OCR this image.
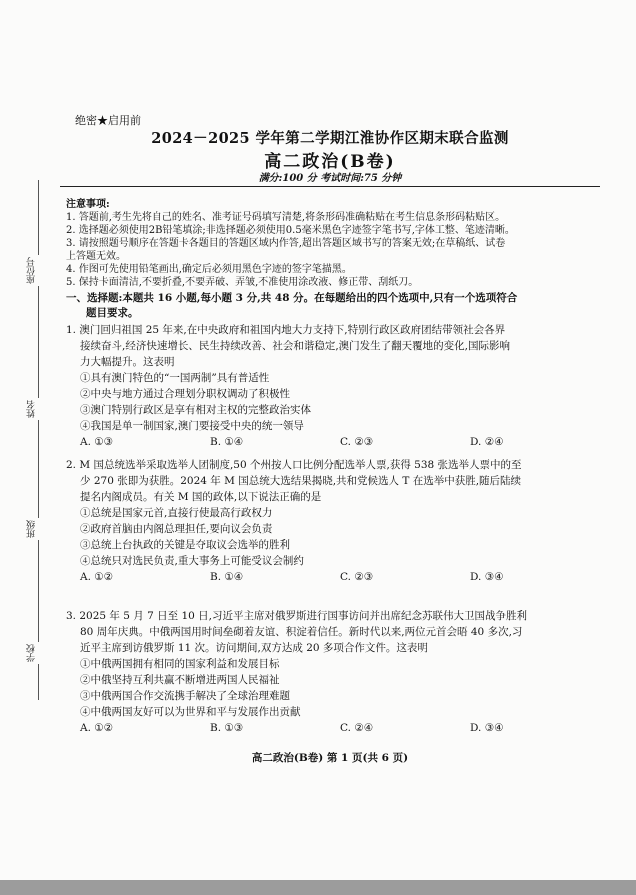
座位号
姓名
班级
学校
绝密★启用前
2024－2025 学年第二学期江淮协作区期末联合监测
高二政治(B卷)
满分:100 分 考试时间:75 分钟
注意事项:
1. 答题前,考生先将自己的姓名、准考证号码填写清楚,将条形码准确粘贴在考生信息条形码粘贴区。
2. 选择题必须使用2B铅笔填涂;非选择题必须使用0.5毫米黑色字迹签字笔书写,字体工整、笔迹清晰。
3. 请按照题号顺序在答题卡各题目的答题区域内作答,超出答题区域书写的答案无效;在草稿纸、试卷
上答题无效。
4. 作图可先使用铅笔画出,确定后必须用黑色字迹的签字笔描黑。
5. 保持卡面清洁,不要折叠,不要弄破、弄皱,不准使用涂改液、修正带、刮纸刀。
一、选择题:本题共 16 小题,每小题 3 分,共 48 分。在每题给出的四个选项中,只有一个选项符合
题目要求。
1. 澳门回归祖国 25 年来,在中央政府和祖国内地大力支持下,特别行政区政府团结带领社会各界
接续奋斗,经济快速增长、民生持续改善、社会和谐稳定,澳门发生了翻天覆地的变化,国际影响
力大幅提升。这表明
①具有澳门特色的“一国两制”具有普适性
②中央与地方通过合理划分职权调动了积极性
③澳门特别行政区是享有相对主权的完整政治实体
④我国是单一制国家,澳门要接受中央的统一领导
A. ①③	B. ①④	C. ②③	D. ②④
2. M 国总统选举采取选举人团制度,50 个州按人口比例分配选举人票,获得 538 张选举人票中的至
少 270 张即为获胜。2024 年 M 国总统大选结果揭晓,共和党候选人 T 在选举中获胜,随后陆续
提名内阁成员。有关 M 国的政体,以下说法正确的是
①总统是国家元首,直接行使最高行政权力
②政府首脑由内阁总理担任,要向议会负责
③总统上台执政的关键是夺取议会选举的胜利
④总统只对选民负责,重大事务上可能受议会制约
A. ①②	B. ①④	C. ②③	D. ③④
3. 2025 年 5 月 7 日至 10 日,习近平主席对俄罗斯进行国事访问并出席纪念苏联伟大卫国战争胜利
80 周年庆典。中俄两国用时间垒砌着友谊、积淀着信任。新时代以来,两位元首会晤 40 多次,习
近平主席到访俄罗斯 11 次。访问期间,双方达成 20 多项合作文件。这表明
①中俄两国拥有相同的国家利益和发展目标
②中俄坚持互利共赢不断增进两国人民福祉
③中俄两国合作交流携手解决了全球治理难题
④中俄两国友好可以为世界和平与发展作出贡献
A. ①②	B. ①③	C. ②④	D. ③④
高二政治(B卷) 第 1 页(共 6 页)
